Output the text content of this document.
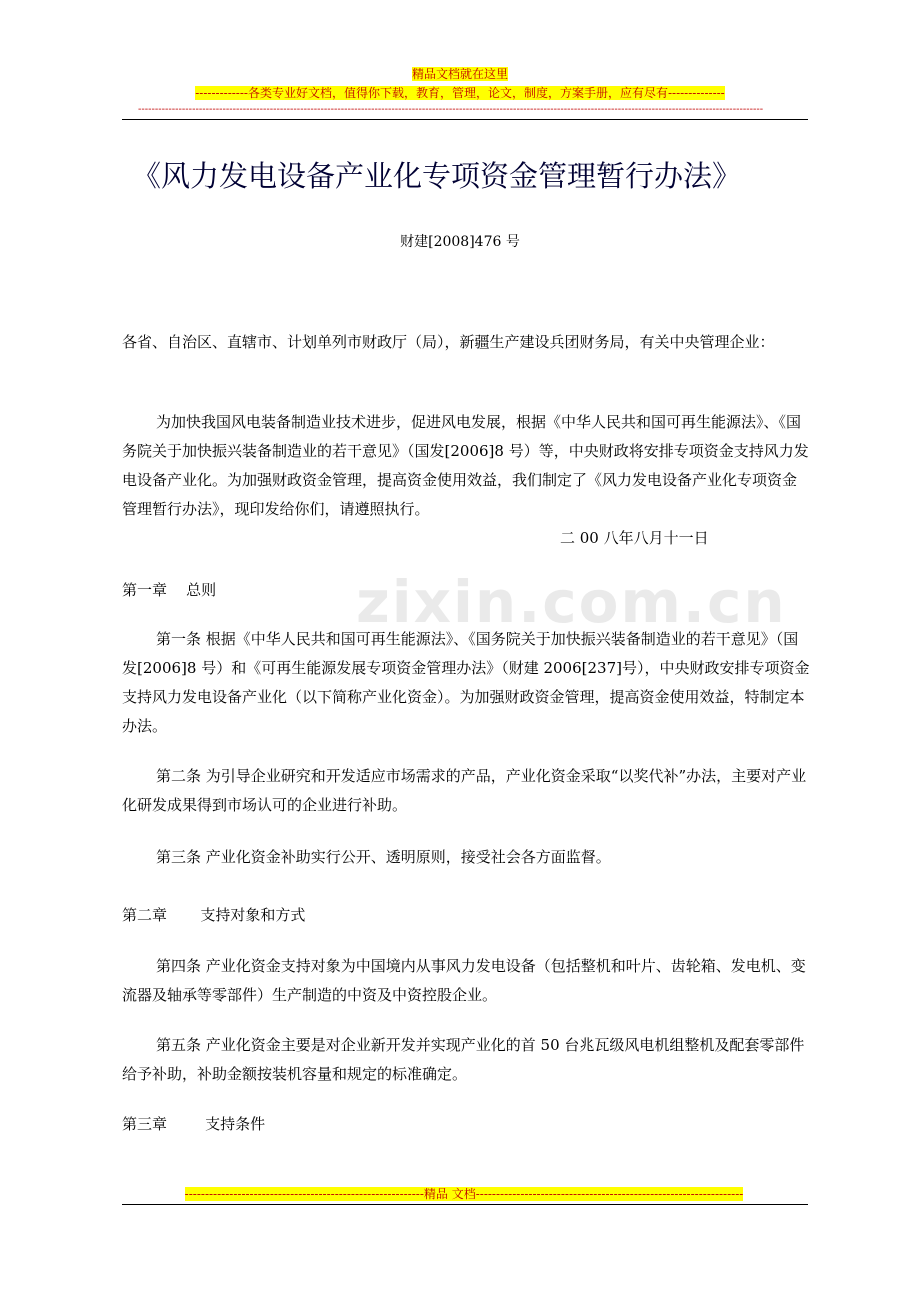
精品文档就在这里
-------------各类专业好文档，值得你下载，教育，管理，论文，制度，方案手册，应有尽有--------------
-----------------------------------------------------------------------------------------------------------------------------------------------------------------------------------------
zixin.com.cn
《风力发电设备产业化专项资金管理暂行办法》
财建[2008]476 号

各省、自治区、直辖市、计划单列市财政厅（局），新疆生产建设兵团财务局，有关中央管理企业：

为加快我国风电装备制造业技术进步，促进风电发展，根据《中华人民共和国可再生能源法》、《国务院关于加快振兴装备制造业的若干意见》（国发[2006]8 号）等，中央财政将安排专项资金支持风力发电设备产业化。为加强财政资金管理，提高资金使用效益，我们制定了《风力发电设备产业化专项资金管理暂行办法》，现印发给你们，请遵照执行。

二 00 八年八月十一日

第一章    总则

第一条 根据《中华人民共和国可再生能源法》、《国务院关于加快振兴装备制造业的若干意见》（国发[2006]8 号）和《可再生能源发展专项资金管理办法》（财建 2006[237]号），中央财政安排专项资金支持风力发电设备产业化（以下简称产业化资金）。为加强财政资金管理，提高资金使用效益，特制定本办法。

第二条 为引导企业研究和开发适应市场需求的产品，产业化资金采取“以奖代补”办法，主要对产业化研发成果得到市场认可的企业进行补助。

第三条 产业化资金补助实行公开、透明原则，接受社会各方面监督。

第二章       支持对象和方式

第四条 产业化资金支持对象为中国境内从事风力发电设备（包括整机和叶片、齿轮箱、发电机、变流器及轴承等零部件）生产制造的中资及中资控股企业。

第五条 产业化资金主要是对企业新开发并实现产业化的首 50 台兆瓦级风电机组整机及配套零部件给予补助，补助金额按装机容量和规定的标准确定。

第三章        支持条件

-----------------------------------------------------------精品 文档------------------------------------------------------------------
